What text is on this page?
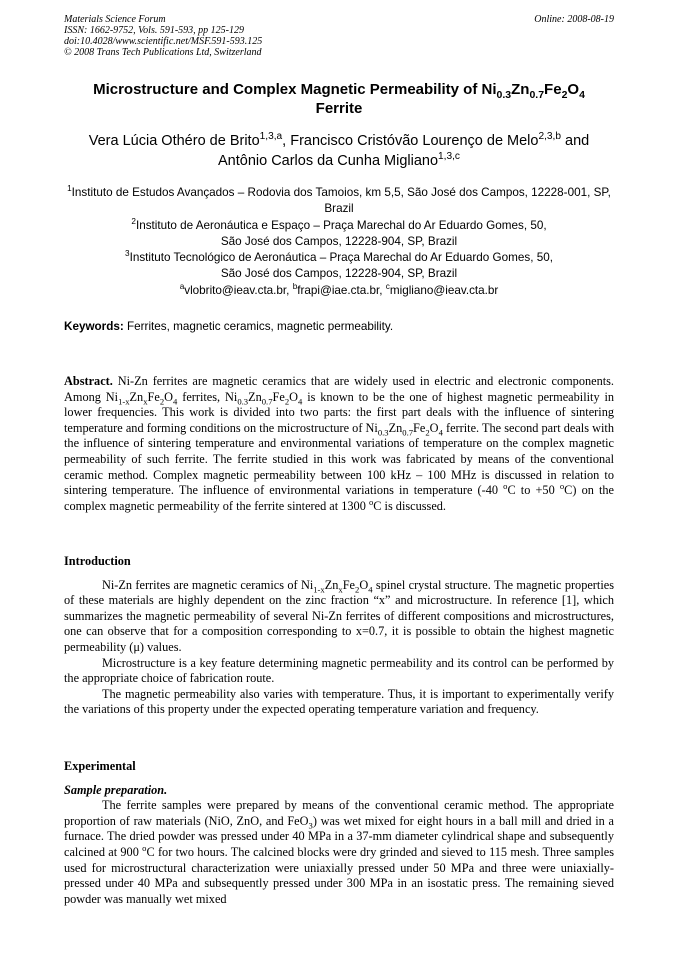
Materials Science Forum
ISSN: 1662-9752, Vols. 591-593, pp 125-129
doi:10.4028/www.scientific.net/MSF.591-593.125
© 2008 Trans Tech Publications Ltd, Switzerland
Online: 2008-08-19
Microstructure and Complex Magnetic Permeability of $Ni_{0.3}Zn_{0.7}Fe_2O_4$
Ferrite
Vera Lúcia Othéro de Brito$^{1,3,a}$, Francisco Cristóvão Lourenço de Melo$^{2,3,b}$ and
Antônio Carlos da Cunha Migliano$^{1,3,c}$
$^1$Instituto de Estudos Avançados – Rodovia dos Tamoios, km 5,5, São José dos Campos, 12228-001, SP, Brazil
$^2$Instituto de Aeronáutica e Espaço – Praça Marechal do Ar Eduardo Gomes, 50,
São José dos Campos, 12228-904, SP, Brazil
$^3$Instituto Tecnológico de Aeronáutica – Praça Marechal do Ar Eduardo Gomes, 50,
São José dos Campos, 12228-904, SP, Brazil
$^a$vlobrito@ieav.cta.br, $^b$frapi@iae.cta.br, $^c$migliano@ieav.cta.br
Keywords: Ferrites, magnetic ceramics, magnetic permeability.

Abstract. Ni-Zn ferrites are magnetic ceramics that are widely used in electric and electronic components. Among $Ni_{1-x}Zn_xFe_2O_4$ ferrites, $Ni_{0.3}Zn_{0.7}Fe_2O_4$ is known to be the one of highest magnetic permeability in lower frequencies. This work is divided into two parts: the first part deals with the influence of sintering temperature and forming conditions on the microstructure of $Ni_{0.3}Zn_{0.7}Fe_2O_4$ ferrite. The second part deals with the influence of sintering temperature and environmental variations of temperature on the complex magnetic permeability of such ferrite. The ferrite studied in this work was fabricated by means of the conventional ceramic method. Complex magnetic permeability between 100 kHz – 100 MHz is discussed in relation to sintering temperature. The influence of environmental variations in temperature (-40 $^o$C to +50 $^o$C) on the complex magnetic permeability of the ferrite sintered at 1300 $^o$C is discussed.

Introduction

Ni-Zn ferrites are magnetic ceramics of $Ni_{1-x}Zn_xFe_2O_4$ spinel crystal structure. The magnetic properties of these materials are highly dependent on the zinc fraction “x” and microstructure. In reference [1], which summarizes the magnetic permeability of several Ni-Zn ferrites of different compositions and microstructures, one can observe that for a composition corresponding to x=0.7, it is possible to obtain the highest magnetic permeability (μ) values.

Microstructure is a key feature determining magnetic permeability and its control can be performed by the appropriate choice of fabrication route.

The magnetic permeability also varies with temperature. Thus, it is important to experimentally verify the variations of this property under the expected operating temperature variation and frequency.

Experimental

Sample preparation.

The ferrite samples were prepared by means of the conventional ceramic method. The appropriate proportion of raw materials (NiO, ZnO, and FeO$_3$) was wet mixed for eight hours in a ball mill and dried in a furnace. The dried powder was pressed under 40 MPa in a 37-mm diameter cylindrical shape and subsequently calcined at 900 $^o$C for two hours. The calcined blocks were dry grinded and sieved to 115 mesh. Three samples used for microstructural characterization were uniaxially pressed under 50 MPa and three were uniaxially-pressed under 40 MPa and subsequently pressed under 300 MPa in an isostatic press. The remaining sieved powder was manually wet mixed
